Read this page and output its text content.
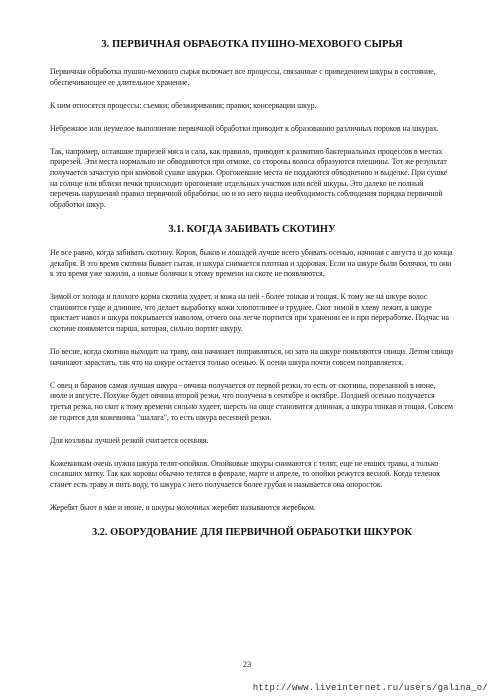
3. ПЕРВИЧНАЯ ОБРАБОТКА ПУШНО-МЕХОВОГО СЫРЬЯ

Первичная обработка пушно-мехового сырья включает все процессы, связанные с приведением шкуры в состояние, обеспечивающее ее длительное хранение.

К ним относятся процессы: съемки; обезжиривания; правки; консервации шкур.

Небрежное или неумелое выполнение первичной обработки приводит к образованию различных пороков на шкурах.

Так, например, оставшие прирезей мяса и сала, как правило, приводит к развитию бактериальных процессов в местах прирезей. Эти места нормально не обводняются при отмоке, со стороны волоса образуются плешины. Тот же результат получается зачастую при комовой сушке шкурки. Орогоневшие места не поддаются обводнению и выделке. При сушке на солнце или вблизи печки происходит орогонение отдельных участков или всей шкуры. Это далеко не полный перечень нарушений правил первичной обработки, но и из него видна необходимость соблюдения порядка первичной обработки шкур.

3.1. КОГДА ЗАБИВАТЬ СКОТИНУ

Не все равно, когда забивать скотину. Коров, быков и лошадей лучше всего убивать осенью, начиная с августа и до конца декабря. В это время скотина бывает сытая, и шкура снимается плотная и здоровая. Если на шкуре были болячки, то они к это время уже зажили, а новые болячки к этому времени на скоте не появляются.

Зимой от холода и плохого корма скотина худеет, и кожа на ней - более тонкая и тощая. К тому же на шкуре волос становится гуще и длиннее, что делает выработку кожи хлопотливее и труднее. Скот зимой в хлеву лежит, к шкуре пристает навоз и шкура покрывается наволом, отчего она легче портится при хранении ее и при переработке. Подчас на скотине появляется парша, которая, сильно портит шкуру.

По весне, когда скотина выходит на траву, она начинает поправляться, но зато на шкуре появляются свищи. Летом свищи начинают зарастать, так что на шкуре остается только осенью. К осени шкура почти совсем поправляется.

С овец и баранов самая лучшая шкура - овчина получается от первой резки, то есть от скотины, порезанной в июне, июле и августе. Похуже будет овчина второй резки, что получена в сентябре и октябре. Поздней осенью получается третья резка, но скот к тому времени сильно худеет, шерсть на овце становится длинная, а шкура тонкая и тощая. Совсем не годится для кожевника "шалага", то есть шкура весенней резки.

Для козлины лучшей резкой считается осенняя.

Кожевникам очень нужна шкура телят-опойков. Опойковые шкуры снимаются с телят, еще не евших травы, а только сосавших матку. Так как коровы обычно телятся в феврале, марте и апреле, то опойки режутся весной. Когда теленок станет есть траву и пить воду, то шкура с него получается более грубая и называется она опоросток.

Жеребят бьют в мае и июне, и шкуры молочных жеребят называются жеребком.

3.2. ОБОРУДОВАНИЕ ДЛЯ ПЕРВИЧНОЙ ОБРАБОТКИ ШКУРОК
23
http://www.liveinternet.ru/users/galina_o/
